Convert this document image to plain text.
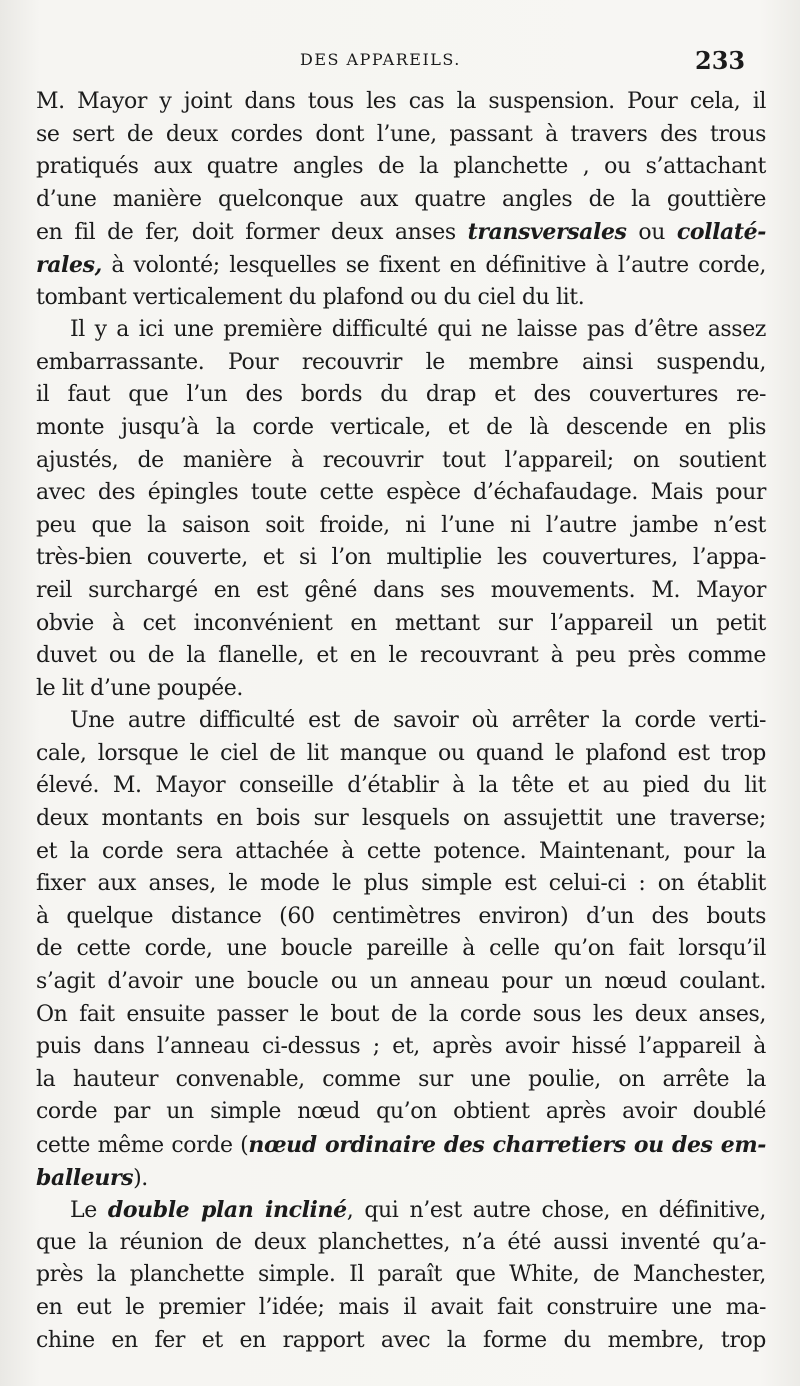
DES APPAREILS.	233
M. Mayor y joint dans tous les cas la suspension. Pour cela, il
se sert de deux cordes dont l’une, passant à travers des trous
pratiqués aux quatre angles de la planchette , ou s’attachant
d’une manière quelconque aux quatre angles de la gouttière
en fil de fer, doit former deux anses transversales ou collaté-
rales, à volonté; lesquelles se fixent en définitive à l’autre corde,
tombant verticalement du plafond ou du ciel du lit.
Il y a ici une première difficulté qui ne laisse pas d’être assez
embarrassante. Pour recouvrir le membre ainsi suspendu,
il faut que l’un des bords du drap et des couvertures re-
monte jusqu’à la corde verticale, et de là descende en plis
ajustés, de manière à recouvrir tout l’appareil; on soutient
avec des épingles toute cette espèce d’échafaudage. Mais pour
peu que la saison soit froide, ni l’une ni l’autre jambe n’est
très-bien couverte, et si l’on multiplie les couvertures, l’appa-
reil surchargé en est gêné dans ses mouvements. M. Mayor
obvie à cet inconvénient en mettant sur l’appareil un petit
duvet ou de la flanelle, et en le recouvrant à peu près comme
le lit d’une poupée.
Une autre difficulté est de savoir où arrêter la corde verti-
cale, lorsque le ciel de lit manque ou quand le plafond est trop
élevé. M. Mayor conseille d’établir à la tête et au pied du lit
deux montants en bois sur lesquels on assujettit une traverse;
et la corde sera attachée à cette potence. Maintenant, pour la
fixer aux anses, le mode le plus simple est celui-ci : on établit
à quelque distance (60 centimètres environ) d’un des bouts
de cette corde, une boucle pareille à celle qu’on fait lorsqu’il
s’agit d’avoir une boucle ou un anneau pour un nœud coulant.
On fait ensuite passer le bout de la corde sous les deux anses,
puis dans l’anneau ci-dessus ; et, après avoir hissé l’appareil à
la hauteur convenable, comme sur une poulie, on arrête la
corde par un simple nœud qu’on obtient après avoir doublé
cette même corde (nœud ordinaire des charretiers ou des em-
balleurs).
Le double plan incliné, qui n’est autre chose, en définitive,
que la réunion de deux planchettes, n’a été aussi inventé qu’a-
près la planchette simple. Il paraît que White, de Manchester,
en eut le premier l’idée; mais il avait fait construire une ma-
chine en fer et en rapport avec la forme du membre, trop
